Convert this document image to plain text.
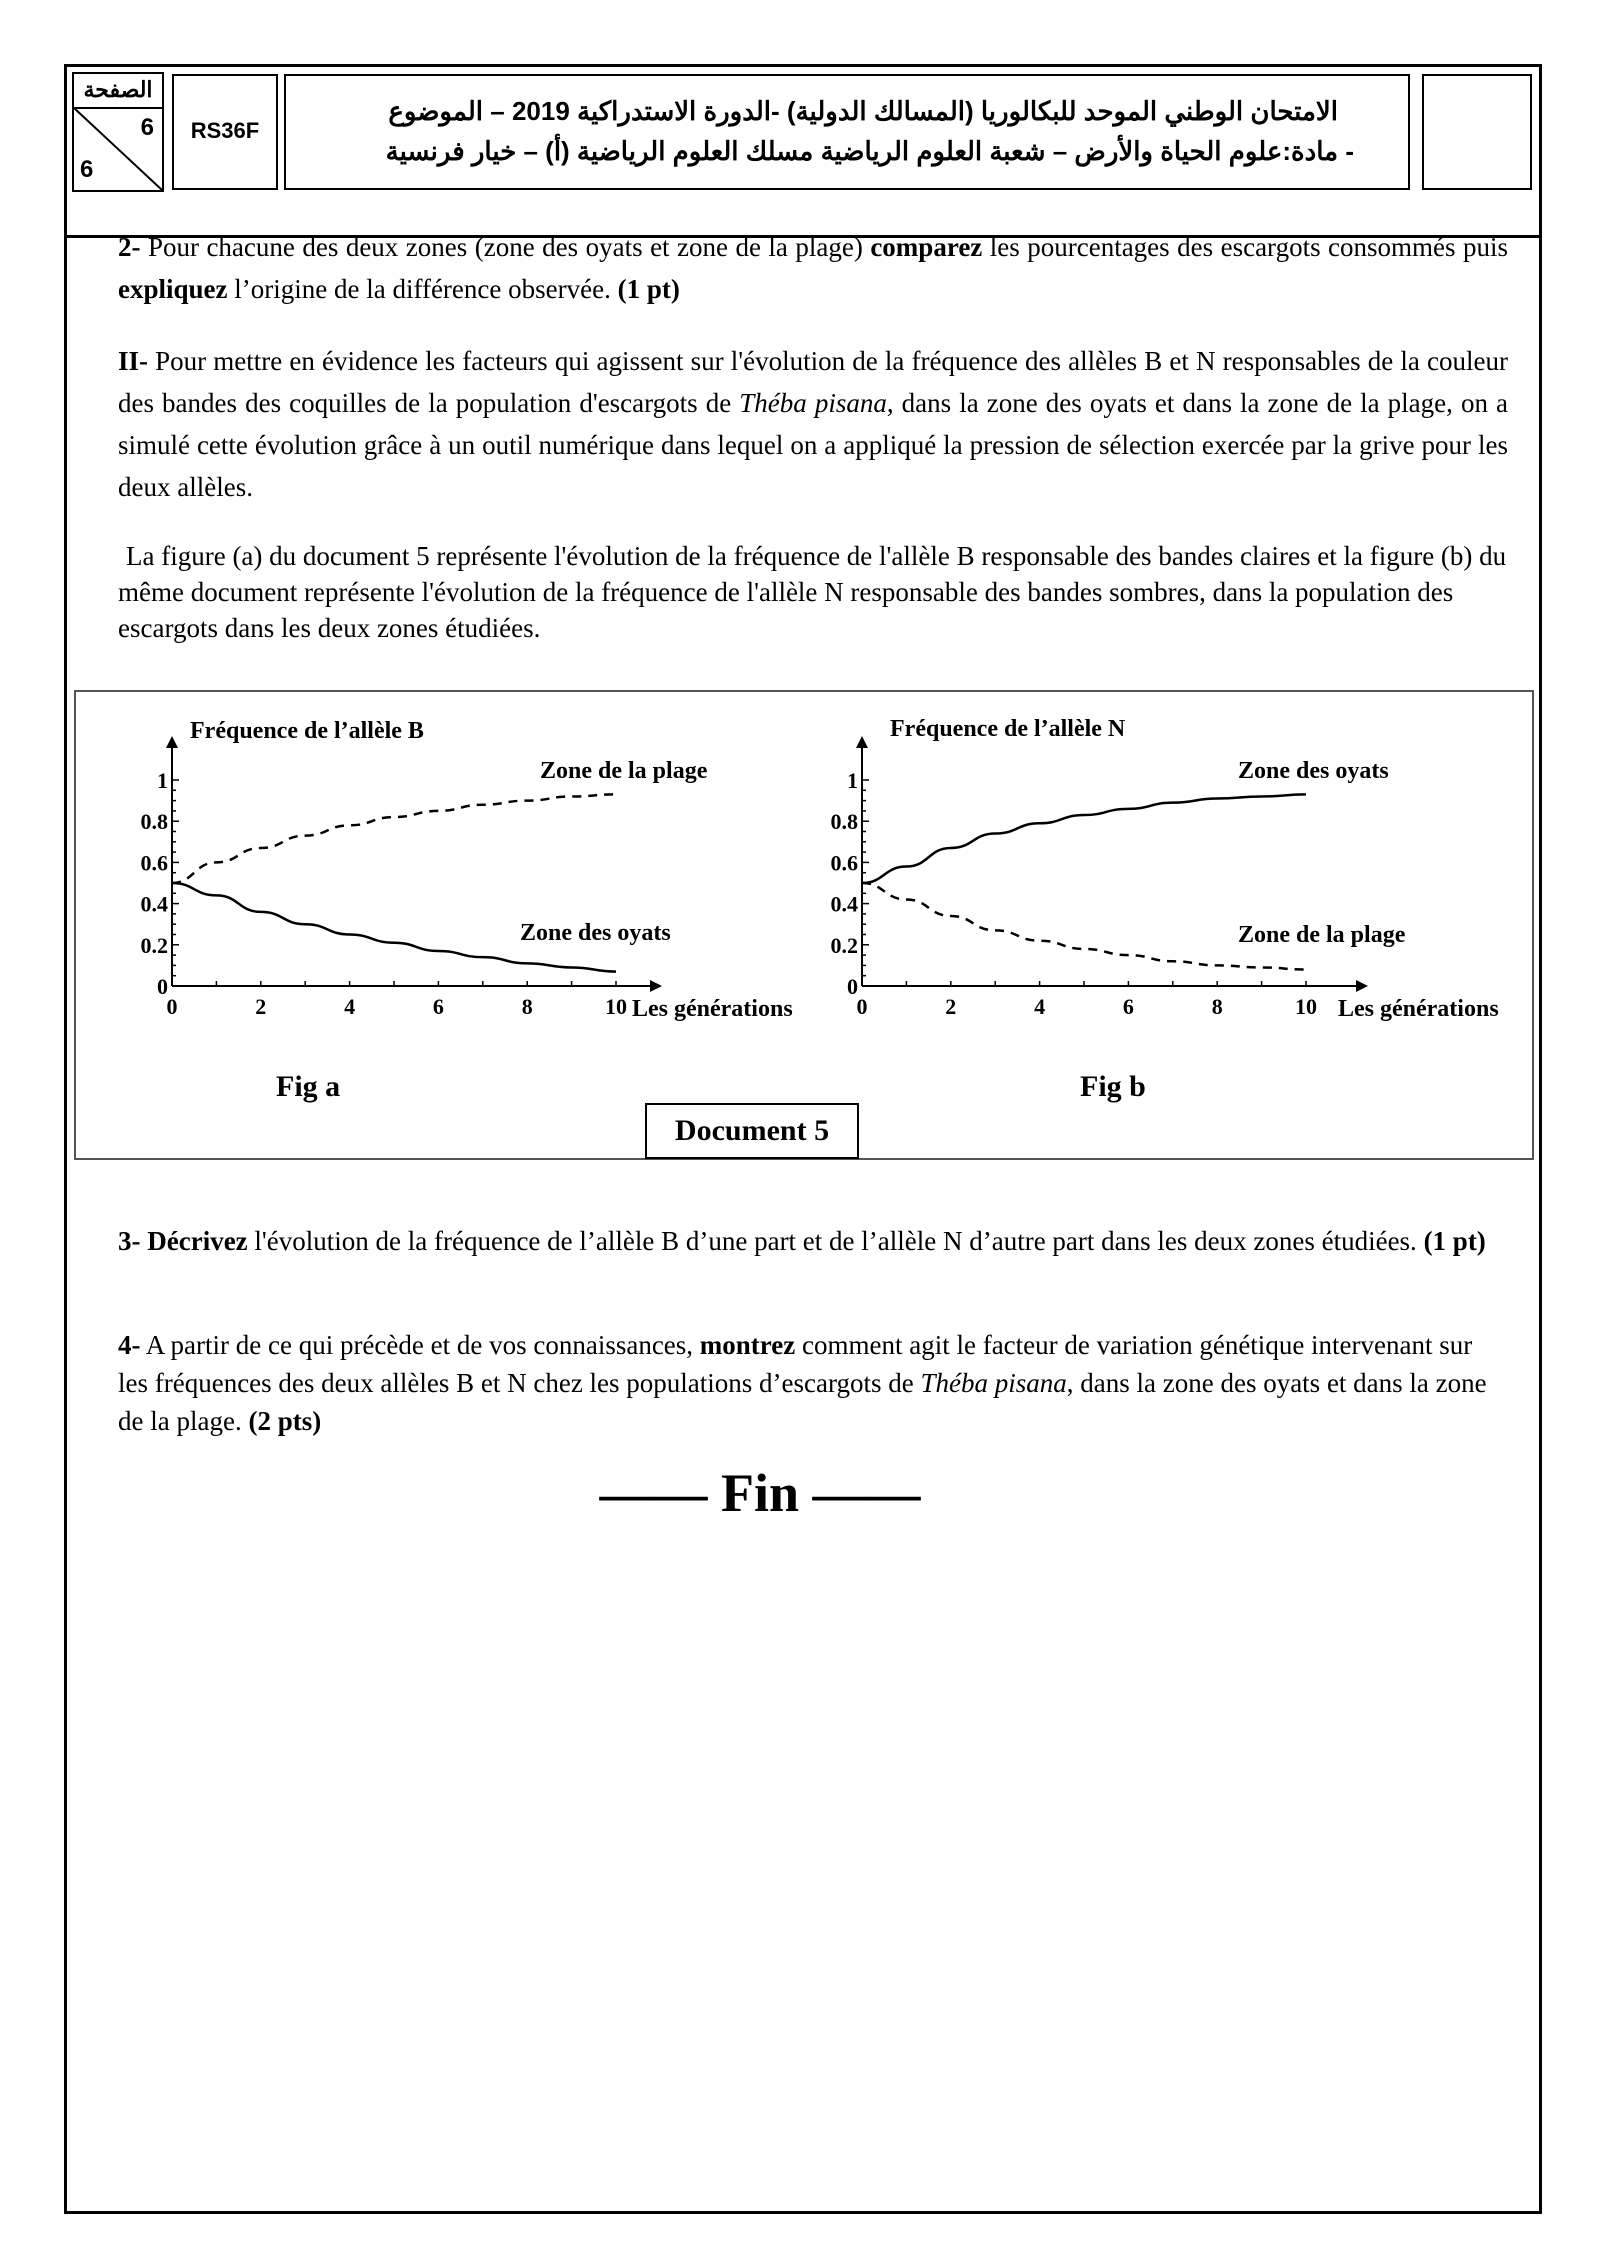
الصفحة
6
6
RS36F
الامتحان الوطني الموحد للبكالوريا (المسالك الدولية) -الدورة الاستدراكية 2019 – الموضوع
- مادة:علوم الحياة والأرض – شعبة العلوم الرياضية مسلك العلوم الرياضية (أ) – خيار فرنسية

2- Pour chacune des deux zones (zone des oyats et zone de la plage) comparez les pourcentages des escargots consommés puis expliquez l’origine de la différence observée. (1 pt)

II- Pour mettre en évidence les facteurs qui agissent sur l'évolution de la fréquence des allèles B et N responsables de la couleur des bandes des coquilles de la population d'escargots de Théba pisana, dans la zone des oyats et dans la zone de la plage, on a simulé cette évolution grâce à un outil numérique dans lequel on a appliqué la pression de sélection exercée par la grive pour les deux allèles.

La figure (a) du document 5 représente l'évolution de la fréquence de l'allèle B responsable des bandes claires et la figure (b) du même document représente l'évolution de la fréquence de l'allèle N responsable des bandes sombres, dans la population des escargots dans les deux zones étudiées.

0	2	4	6	8	10
0
0.2
0.4
0.6
0.8
1
Fréquence de l’allèle B
Les générations
Zone de la plage
Zone des oyats
0	2	4	6	8	10
0
0.2
0.4
0.6
0.8
1
Fréquence de l’allèle N
Les générations
Zone des oyats
Zone de la plage
Fig a	Fig b
Document 5

3- Décrivez l'évolution de la fréquence de l’allèle B d’une part et de l’allèle N d’autre part dans les deux zones étudiées. (1 pt)

4- A partir de ce qui précède et de vos connaissances, montrez comment agit le facteur de variation génétique intervenant sur les fréquences des deux allèles B et N chez les populations d’escargots de Théba pisana, dans la zone des oyats et dans la zone de la plage. (2 pts)

—— Fin ——
